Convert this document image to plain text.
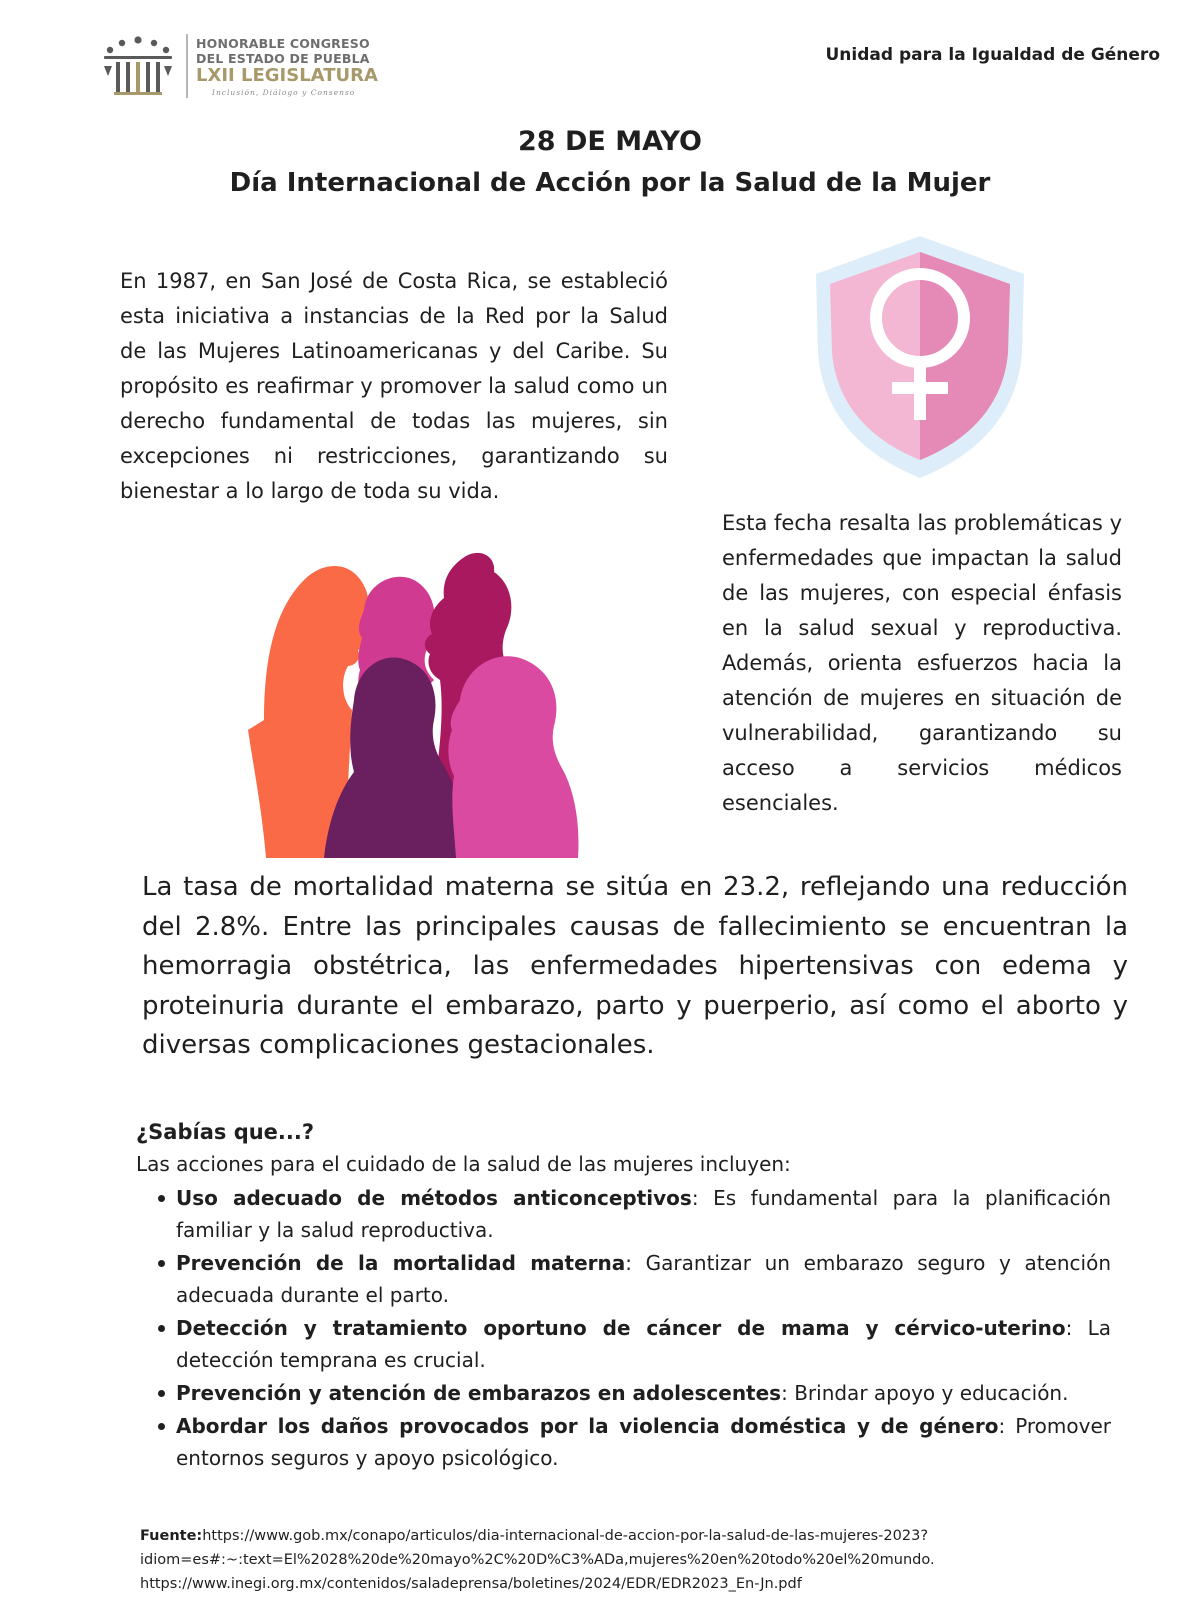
HONORABLE CONGRESO
DEL ESTADO DE PUEBLA
LXII LEGISLATURA
Inclusión, Diálogo y Consenso
Unidad para la Igualdad de Género
28 DE MAYO
Día Internacional de Acción por la Salud de la Mujer
En 1987, en San José de Costa Rica, se estableció esta iniciativa a instancias de la Red por la Salud de las Mujeres Latinoamericanas y del Caribe. Su propósito es reafirmar y promover la salud como un derecho fundamental de todas las mujeres, sin excepciones ni restricciones, garantizando su bienestar a lo largo de toda su vida.
Esta fecha resalta las problemáticas y enfermedades que impactan la salud de las mujeres, con especial énfasis en la salud sexual y reproductiva. Además, orienta esfuerzos hacia la atención de mujeres en situación de vulnerabilidad, garantizando su acceso a servicios médicos esenciales.
La tasa de mortalidad materna se sitúa en 23.2, reflejando una reducción del 2.8%. Entre las principales causas de fallecimiento se encuentran la hemorragia obstétrica, las enfermedades hipertensivas con edema y proteinuria durante el embarazo, parto y puerperio, así como el aborto y diversas complicaciones gestacionales.
¿Sabías que...?
Las acciones para el cuidado de la salud de las mujeres incluyen:
Uso adecuado de métodos anticonceptivos: Es fundamental para la planificación familiar y la salud reproductiva.
Prevención de la mortalidad materna: Garantizar un embarazo seguro y atención adecuada durante el parto.
Detección y tratamiento oportuno de cáncer de mama y cérvico-uterino: La detección temprana es crucial.
Prevención y atención de embarazos en adolescentes: Brindar apoyo y educación.
Abordar los daños provocados por la violencia doméstica y de género: Promover entornos seguros y apoyo psicológico.
Fuente:https://www.gob.mx/conapo/articulos/dia-internacional-de-accion-por-la-salud-de-las-mujeres-2023?
idiom=es#:~:text=El%2028%20de%20mayo%2C%20D%C3%ADa,mujeres%20en%20todo%20el%20mundo.
https://www.inegi.org.mx/contenidos/saladeprensa/boletines/2024/EDR/EDR2023_En-Jn.pdf
